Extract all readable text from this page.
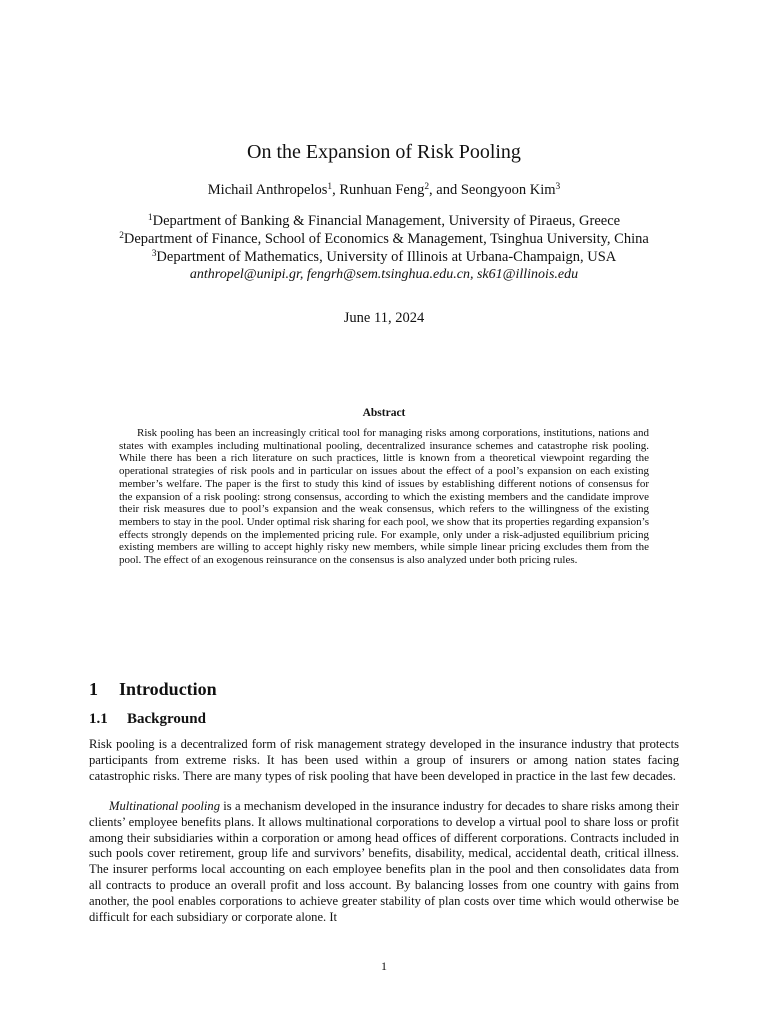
On the Expansion of Risk Pooling
Michail Anthropelos$^1$, Runhuan Feng$^2$, and Seongyoon Kim$^3$
$^1$Department of Banking & Financial Management, University of Piraeus, Greece
$^2$Department of Finance, School of Economics & Management, Tsinghua University, China
$^3$Department of Mathematics, University of Illinois at Urbana-Champaign, USA
anthropel@unipi.gr, fengrh@sem.tsinghua.edu.cn, sk61@illinois.edu
June 11, 2024
Abstract
Risk pooling has been an increasingly critical tool for managing risks among corporations, institutions, nations and states with examples including multinational pooling, decentralized insurance schemes and catastrophe risk pooling. While there has been a rich literature on such practices, little is known from a theoretical viewpoint regarding the operational strategies of risk pools and in particular on issues about the effect of a pool’s expansion on each existing member’s welfare. The paper is the first to study this kind of issues by establishing different notions of consensus for the expansion of a risk pooling: strong consensus, according to which the existing members and the candidate improve their risk measures due to pool’s expansion and the weak consensus, which refers to the willingness of the existing members to stay in the pool. Under optimal risk sharing for each pool, we show that its properties regarding expansion’s effects strongly depends on the implemented pricing rule. For example, only under a risk-adjusted equilibrium pricing existing members are willing to accept highly risky new members, while simple linear pricing excludes them from the pool. The effect of an exogenous reinsurance on the consensus is also analyzed under both pricing rules.
1 Introduction
1.1 Background
Risk pooling is a decentralized form of risk management strategy developed in the insurance industry that protects participants from extreme risks. It has been used within a group of insurers or among nation states facing catastrophic risks. There are many types of risk pooling that have been developed in practice in the last few decades.
Multinational pooling is a mechanism developed in the insurance industry for decades to share risks among their clients’ employee benefits plans. It allows multinational corporations to develop a virtual pool to share loss or profit among their subsidiaries within a corporation or among head offices of different corporations. Contracts included in such pools cover retirement, group life and survivors’ benefits, disability, medical, accidental death, critical illness. The insurer performs local accounting on each employee benefits plan in the pool and then consolidates data from all contracts to produce an overall profit and loss account. By balancing losses from one country with gains from another, the pool enables corporations to achieve greater stability of plan costs over time which would otherwise be difficult for each subsidiary or corporate alone. It
1
